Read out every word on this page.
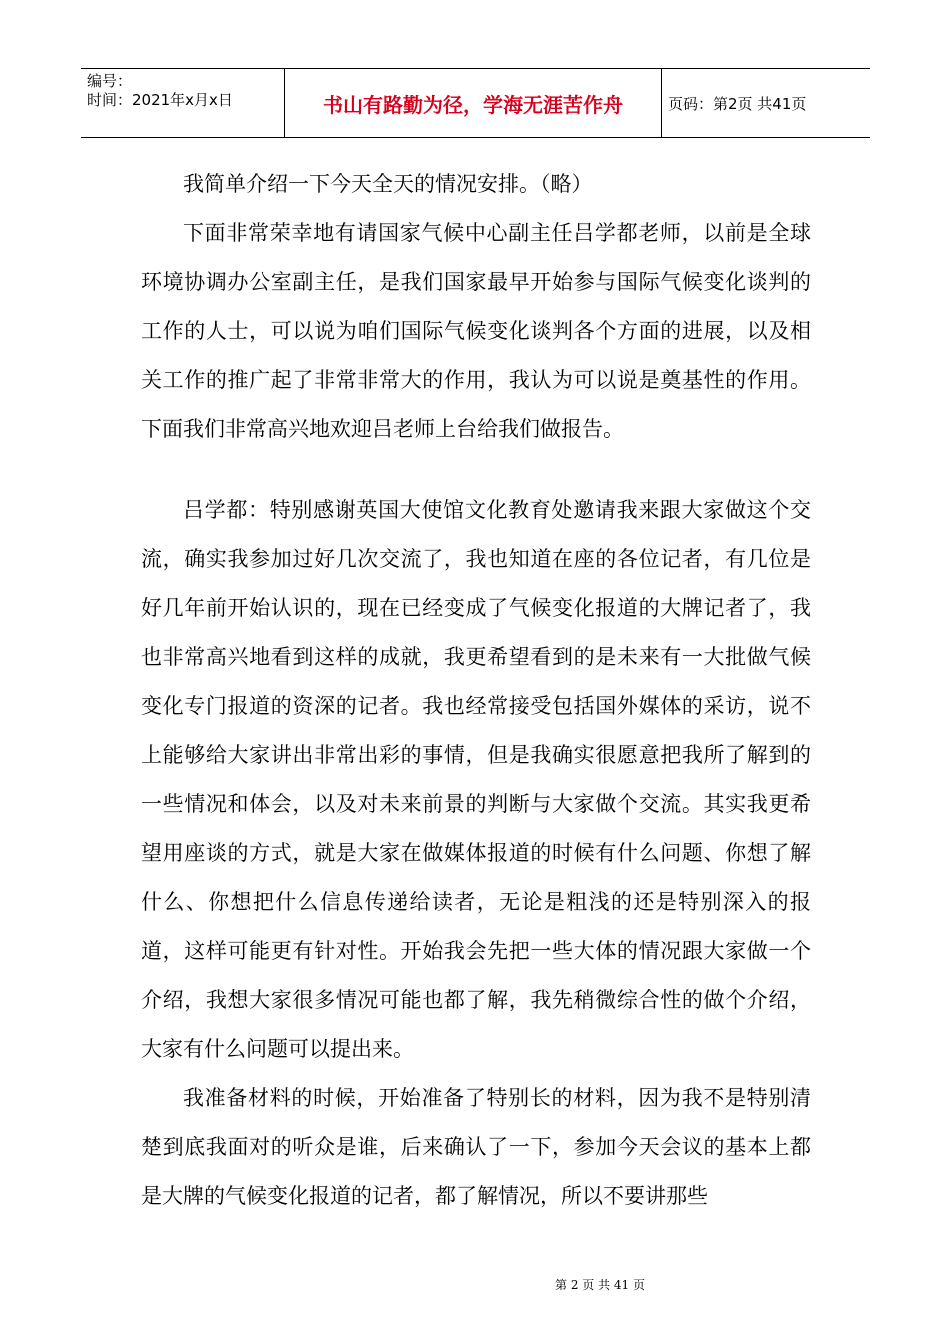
编号：
时间：2021年x月x日	书山有路勤为径，学海无涯苦作舟	页码：第2页 共41页

我简单介绍一下今天全天的情况安排。（略）

下面非常荣幸地有请国家气候中心副主任吕学都老师，以前是全球环境协调办公室副主任，是我们国家最早开始参与国际气候变化谈判的工作的人士，可以说为咱们国际气候变化谈判各个方面的进展，以及相关工作的推广起了非常非常大的作用，我认为可以说是奠基性的作用。下面我们非常高兴地欢迎吕老师上台给我们做报告。

吕学都：特别感谢英国大使馆文化教育处邀请我来跟大家做这个交流，确实我参加过好几次交流了，我也知道在座的各位记者，有几位是好几年前开始认识的，现在已经变成了气候变化报道的大牌记者了，我也非常高兴地看到这样的成就，我更希望看到的是未来有一大批做气候变化专门报道的资深的记者。我也经常接受包括国外媒体的采访，说不上能够给大家讲出非常出彩的事情，但是我确实很愿意把我所了解到的一些情况和体会，以及对未来前景的判断与大家做个交流。其实我更希望用座谈的方式，就是大家在做媒体报道的时候有什么问题、你想了解什么、你想把什么信息传递给读者，无论是粗浅的还是特别深入的报道，这样可能更有针对性。开始我会先把一些大体的情况跟大家做一个介绍，我想大家很多情况可能也都了解，我先稍微综合性的做个介绍，大家有什么问题可以提出来。

我准备材料的时候，开始准备了特别长的材料，因为我不是特别清楚到底我面对的听众是谁，后来确认了一下，参加今天会议的基本上都是大牌的气候变化报道的记者，都了解情况，所以不要讲那些

第 2 页 共 41 页
